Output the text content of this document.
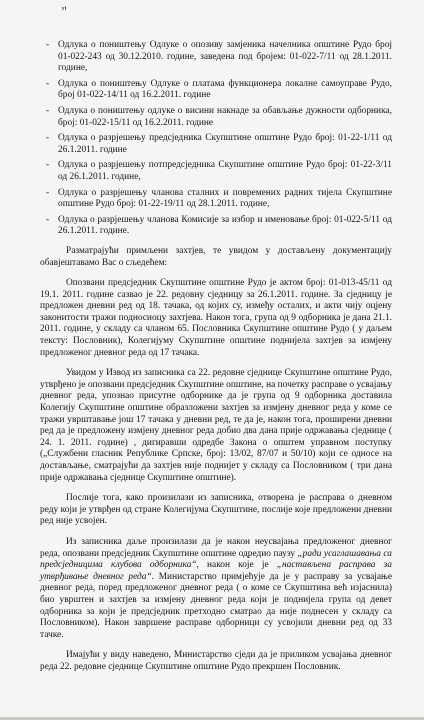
"
- Одлука о поништењу Одлуке о опозиву замјеника начелника општине Рудо број 01-022-243 од 30.12.2010. године, заведена под бројем: 01-022-7/11 од 28.1.2011. године,
- Одлука о поништењу Одлуке о платама функционера локалне самоуправе Рудо, број 01-022-14/11 од 16.2.2011. године
- Одлука о поништењу одлуке о висини накнаде за обављање дужности одборника, број: 01-022-15/11 од 16.2.2011. године
- Одлука о разрјешењу предсједника Скупштине општине Рудо број: 01-22-1/11 од 26.1.2011. године
- Одлука о разрјешењу потпредсједника Скупштине општине Рудо број: 01-22-3/11 од 26.1.2011. године,
- Одлука о разрјешењу чланова сталних и повремених радних тијела Скупштине општине Рудо број: 01-22-19/11 од 28.1.2011. године,
- Одлука о разрјешењу чланова Комисије за избор и именовање број: 01-022-5/11 од 26.1.2011. године.

Разматрајући примљени захтјев, те увидом у достављену документацију обавјештавамо Вас о сљедећем:

Опозвани предсједник Скупштине општине Рудо је актом број: 01-013-45/11 од 19.1. 2011. године сазвао је 22. редовну сједницу за 26.1.2011. године. За сједницу је предложен дневни ред од 18. тачака, од којих су, између осталих, и акти чију оцјену законитости тражи подносиоцу захтјева. Након тога, група од 9 одборника је дана 21.1. 2011. године, у складу са чланом 65. Пословника Скупштине општине Рудо ( у даљем тексту: Пословник), Колегијуму Скупштине општине поднијела захтјев за измјену предложеног дневног реда од 17 тачака.

Увидом у Извод из записника са 22. редовне сједнице Скупштине општине Рудо, утврђено је опозвани предсједник Скупштине општине, на почетку расправе о усвајању дневног реда, упознао присутне одборнике да је група од 9 одборника доставила Колегију Скупштине општине образложени захтјев за измјену дневног реда у коме се тражи уврштавање још 17 тачака у дневни ред, те да је, након тога, проширени дневни ред да је предложену измјену дневног реда добио два дана прије одржавања сједнице ( 24. 1. 2011. године) , дигиравши одредбе Закона о општем управном поступку („Службени гласник Републике Српске, број: 13/02, 87/07 и 50/10) који се односе на достављање, сматрајући да захтјев није поднијет у складу са Пословником ( три дана прије одржавања сједнице Скупштине општине).

Послије тога, како произилази из записника, отворена је расправа о дневном реду који је утврђен од стране Колегијума Скупштине, послије које предложени дневни ред није усвојен.

Из записника даље произилази да је након неусвајања предложеног дневног реда, опозвани предсједник Скупштине општине одредио паузу „ради усаглашавања са предсједницима клубова одборника“, након које је „настављена расправа за утврђивање дневног реда“. Министарство примјећује да је у расправу за усвајање дневног реда, поред предложеног дневног реда ( о коме се Скупштина већ изјаснила) био уврштен и захтјев за измјену дневног реда који је поднијела група од девет одборника за који је предсједник претходно сматрао да није поднесен у складу са Пословником). Након завршене расправе одборници су усвојили дневни ред од 33 тачке.

Имајући у виду наведено, Министарство сједи да је приликом усвајања дневног реда 22. редовне сједнице Скупштине општине Рудо прекршен Пословник.
